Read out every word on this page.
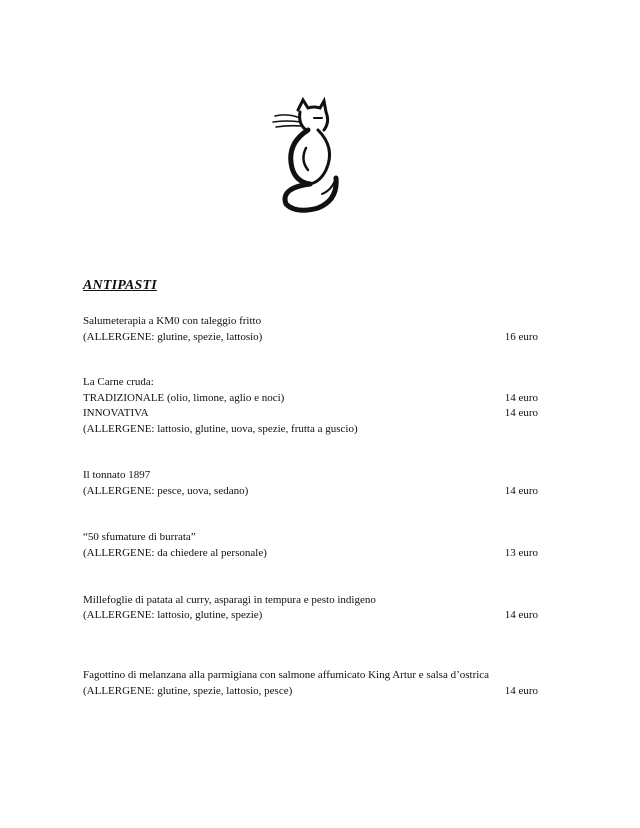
ANTIPASTI
Salumeterapia a KM0 con taleggio fritto
(ALLERGENE: glutine, spezie, lattosio)	16 euro
La Carne cruda:
TRADIZIONALE (olio, limone, aglio e noci)	14 euro
INNOVATIVA	14 euro
(ALLERGENE: lattosio, glutine, uova, spezie, frutta a guscio)
Il tonnato 1897
(ALLERGENE: pesce, uova, sedano)	14 euro
“50 sfumature di burrata”
(ALLERGENE: da chiedere al personale)	13 euro
Millefoglie di patata al curry, asparagi in tempura e pesto indigeno
(ALLERGENE: lattosio, glutine, spezie)	14 euro
Fagottino di melanzana alla parmigiana con salmone affumicato King Artur e salsa d’ostrica
(ALLERGENE: glutine, spezie, lattosio, pesce)	14 euro
